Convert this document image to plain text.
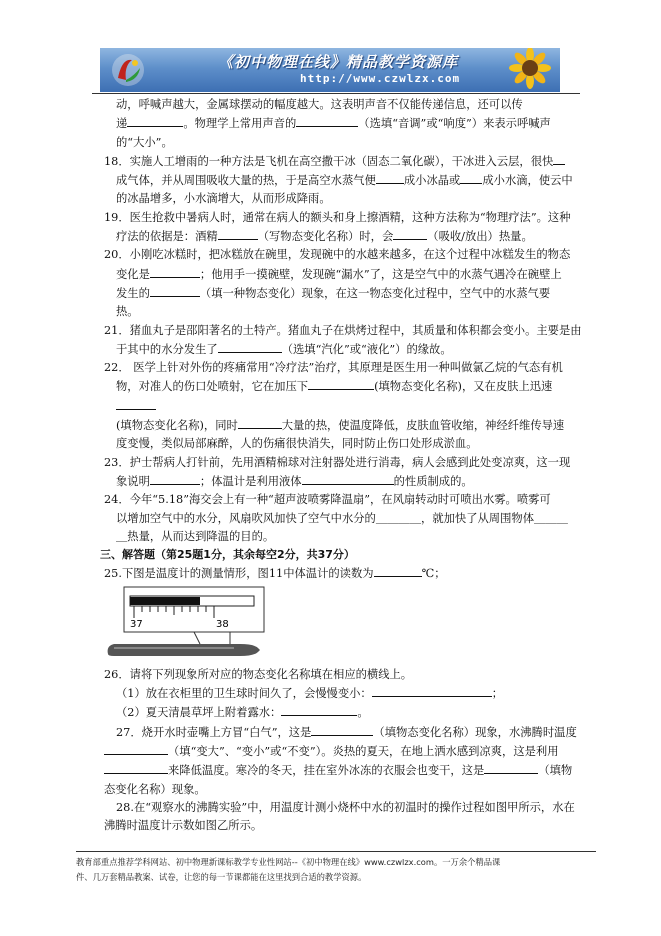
《初中物理在线》精品教学资源库
http://www.czwlzx.com

动，呼喊声越大，金属球摆动的幅度越大。这表明声音不仅能传递信息，还可以传

递	。物理学上常用声音的	（选填“音调”或“响度”）来表示呼喊声

的“大小”。

18．实施人工增雨的一种方法是飞机在高空撒干冰（固态二氧化碳），干冰进入云层，很快

成气体，并从周围吸收大量的热，于是高空水蒸气便 成小冰晶或 成小水滴，使云中

的冰晶增多，小水滴增大，从而形成降雨。

19．医生抢救中暑病人时，通常在病人的额头和身上擦酒精，这种方法称为“物理疗法”。这种

疗法的依据是：酒精	（写物态变化名称）时，会	（吸收/放出）热量。

20．小刚吃冰糕时，把冰糕放在碗里，发现碗中的水越来越多，在这个过程中冰糕发生的物态

变化是	；他用手一摸碗壁，发现碗“漏水”了，这是空气中的水蒸气遇冷在碗壁上

发生的	（填一种物态变化）现象，在这一物态变化过程中，空气中的水蒸气要

热。

21．猪血丸子是邵阳著名的土特产。猪血丸子在烘烤过程中，其质量和体积都会变小。主要是由

于其中的水分发生了	（选填“汽化”或“液化”）的缘故。

22． 医学上针对外伤的疼痛常用“冷疗法”治疗，其原理是医生用一种叫做氯乙烷的气态有机

物，对准人的伤口处喷射，它在加压下	(填物态变化名称)，又在皮肤上迅速

(填物态变化名称)，同时	大量的热，使温度降低，皮肤血管收缩，神经纤维传导速

度变慢，类似局部麻醉，人的伤痛很快消失，同时防止伤口处形成淤血。

23．护士帮病人打针前，先用酒精棉球对注射器处进行消毒，病人会感到此处变凉爽，这一现

象说明	；体温计是利用液体	的性质制成的。

24．今年“5.18”海交会上有一种“超声波喷雾降温扇”，在风扇转动时可喷出水雾。喷雾可

以增加空气中的水分，风扇吹风加快了空气中水分的＿＿＿＿，就加快了从周围物体＿＿＿

＿热量，从而达到降温的目的。

三、解答题（第25题1分，其余每空2分，共37分）

25.下图是温度计的测量情形，图11中体温计的读数为	℃；

37	38

26．请将下列现象所对应的物态变化名称填在相应的横线上。

（1）放在衣柜里的卫生球时间久了，会慢慢变小：	；

（2）夏天清晨草坪上附着露水：	。

27．烧开水时壶嘴上方冒“白气”，这是	（填物态变化名称）现象，水沸腾时温度

（填“变大”、“变小”或“不变”）。炎热的夏天，在地上洒水感到凉爽，这是利用

来降低温度。寒冷的冬天，挂在室外冰冻的衣服会也变干，这是	（填物

态变化名称）现象。

28.在“观察水的沸腾实验”中，用温度计测小烧杯中水的初温时的操作过程如图甲所示，水在

沸腾时温度计示数如图乙所示。

教育部重点推荐学科网站、初中物理新课标教学专业性网站--《初中物理在线》www.czwlzx.com。一万余个精品课
件、几万套精品教案、试卷，让您的每一节课都能在这里找到合适的教学资源。
